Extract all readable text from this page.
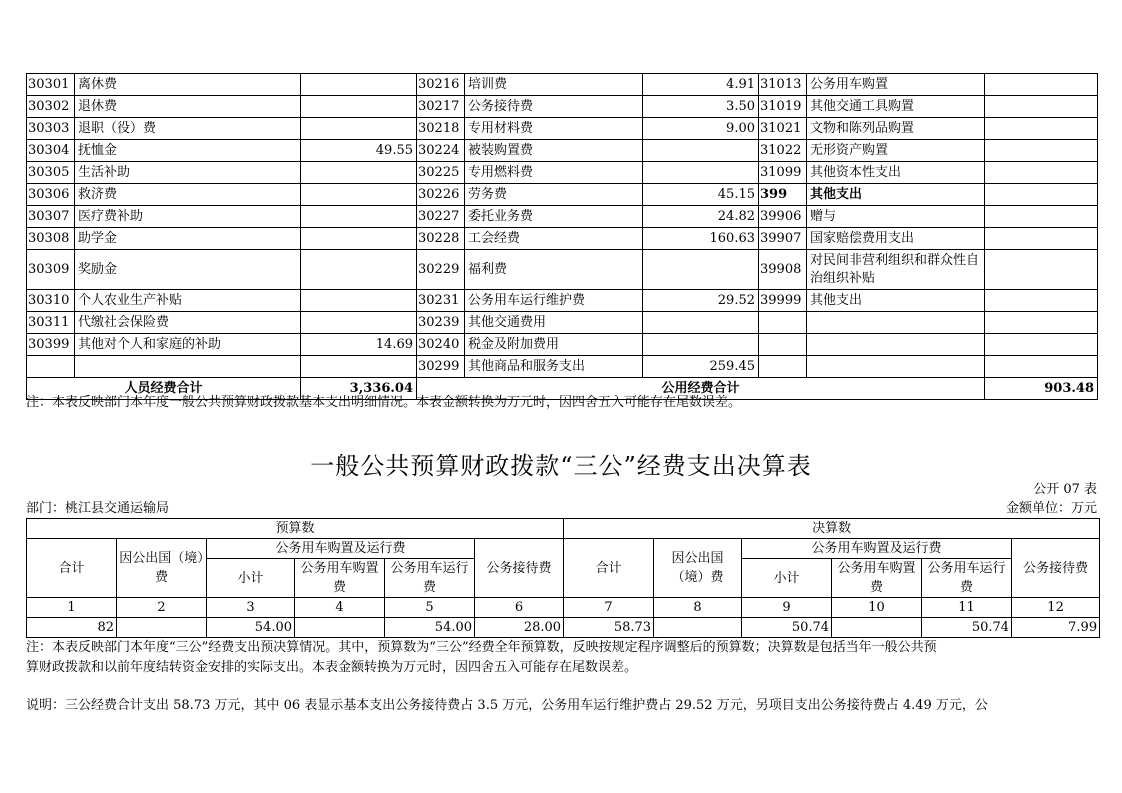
30301	离休费		30216	培训费	4.91	31013	公务用车购置	
30302	退休费		30217	公务接待费	3.50	31019	其他交通工具购置	
30303	退职（役）费		30218	专用材料费	9.00	31021	文物和陈列品购置	
30304	抚恤金	49.55	30224	被装购置费		31022	无形资产购置	
30305	生活补助		30225	专用燃料费		31099	其他资本性支出	
30306	救济费		30226	劳务费	45.15	399	其他支出	
30307	医疗费补助		30227	委托业务费	24.82	39906	赠与	
30308	助学金		30228	工会经费	160.63	39907	国家赔偿费用支出	
30309	奖励金		30229	福利费		39908	对民间非营利组织和群众性自治组织补贴	
30310	个人农业生产补贴		30231	公务用车运行维护费	29.52	39999	其他支出	
30311	代缴社会保险费		30239	其他交通费用				
30399	其他对个人和家庭的补助	14.69	30240	税金及附加费用				
			30299	其他商品和服务支出	259.45			
人员经费合计		3,336.04	公用经费合计					903.48
注：本表反映部门本年度一般公共预算财政拨款基本支出明细情况。本表金额转换为万元时，因四舍五入可能存在尾数误差。
一般公共预算财政拨款“三公”经费支出决算表
公开 07 表
部门：桃江县交通运输局	金额单位：万元
预算数						决算数					
合计	因公出国（境）费	公务用车购置及运行费			公务接待费	合计	因公出国（境）费	公务用车购置及运行费			公务接待费
		小计	公务用车购置费	公务用车运行费				小计	公务用车购置费	公务用车运行费	
1	2	3	4	5	6	7	8	9	10	11	12
82		54.00		54.00	28.00	58.73		50.74		50.74	7.99
注：本表反映部门本年度“三公”经费支出预决算情况。其中，预算数为“三公”经费全年预算数，反映按规定程序调整后的预算数；决算数是包括当年一般公共预
算财政拨款和以前年度结转资金安排的实际支出。本表金额转换为万元时，因四舍五入可能存在尾数误差。
说明：三公经费合计支出 58.73 万元，其中 06 表显示基本支出公务接待费占 3.5 万元，公务用车运行维护费占 29.52 万元，另项目支出公务接待费占 4.49 万元，公
